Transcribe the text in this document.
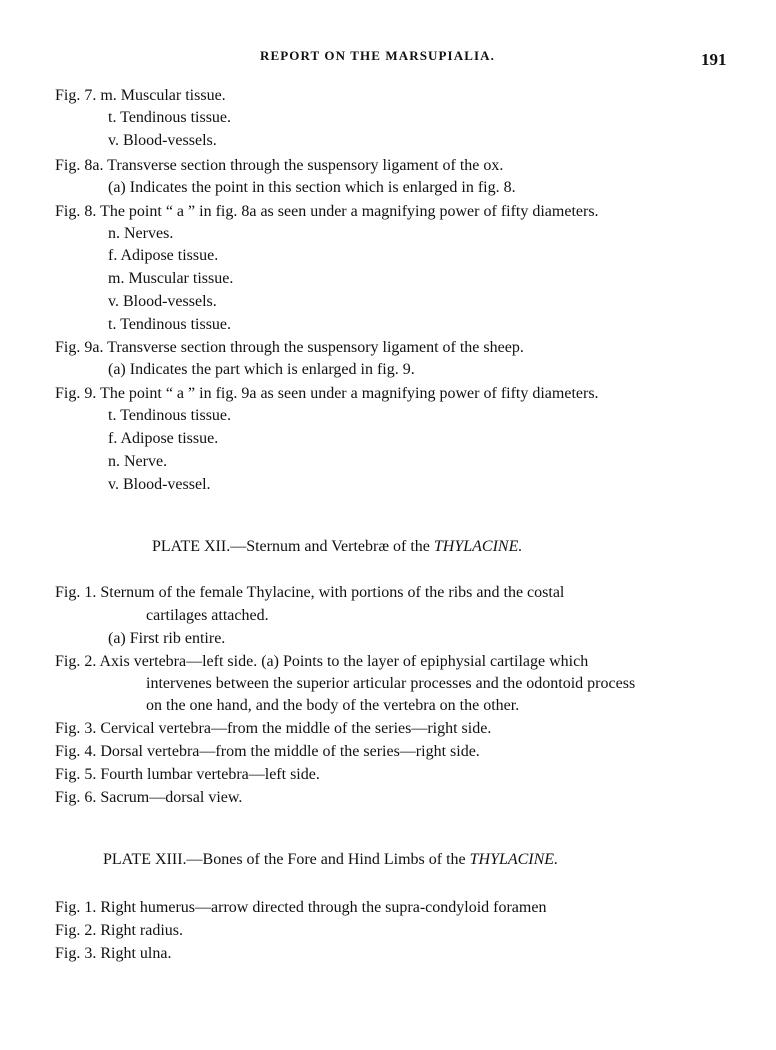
REPORT ON THE MARSUPIALIA.	191
Fig. 7. m. Muscular tissue.
t. Tendinous tissue.
v. Blood-vessels.
Fig. 8a. Transverse section through the suspensory ligament of the ox.
(a) Indicates the point in this section which is enlarged in fig. 8.
Fig. 8. The point “ a ” in fig. 8a as seen under a magnifying power of fifty diameters.
n. Nerves.
f. Adipose tissue.
m. Muscular tissue.
v. Blood-vessels.
t. Tendinous tissue.
Fig. 9a. Transverse section through the suspensory ligament of the sheep.
(a) Indicates the part which is enlarged in fig. 9.
Fig. 9. The point “ a ” in fig. 9a as seen under a magnifying power of fifty diameters.
t. Tendinous tissue.
f. Adipose tissue.
n. Nerve.
v. Blood-vessel.
PLATE XII.—Sternum and Vertebræ of the THYLACINE.
Fig. 1. Sternum of the female Thylacine, with portions of the ribs and the costal
cartilages attached.
(a) First rib entire.
Fig. 2. Axis vertebra—left side. (a) Points to the layer of epiphysial cartilage which
intervenes between the superior articular processes and the odontoid process
on the one hand, and the body of the vertebra on the other.
Fig. 3. Cervical vertebra—from the middle of the series—right side.
Fig. 4. Dorsal vertebra—from the middle of the series—right side.
Fig. 5. Fourth lumbar vertebra—left side.
Fig. 6. Sacrum—dorsal view.
PLATE XIII.—Bones of the Fore and Hind Limbs of the THYLACINE.
Fig. 1. Right humerus—arrow directed through the supra-condyloid foramen
Fig. 2. Right radius.
Fig. 3. Right ulna.
